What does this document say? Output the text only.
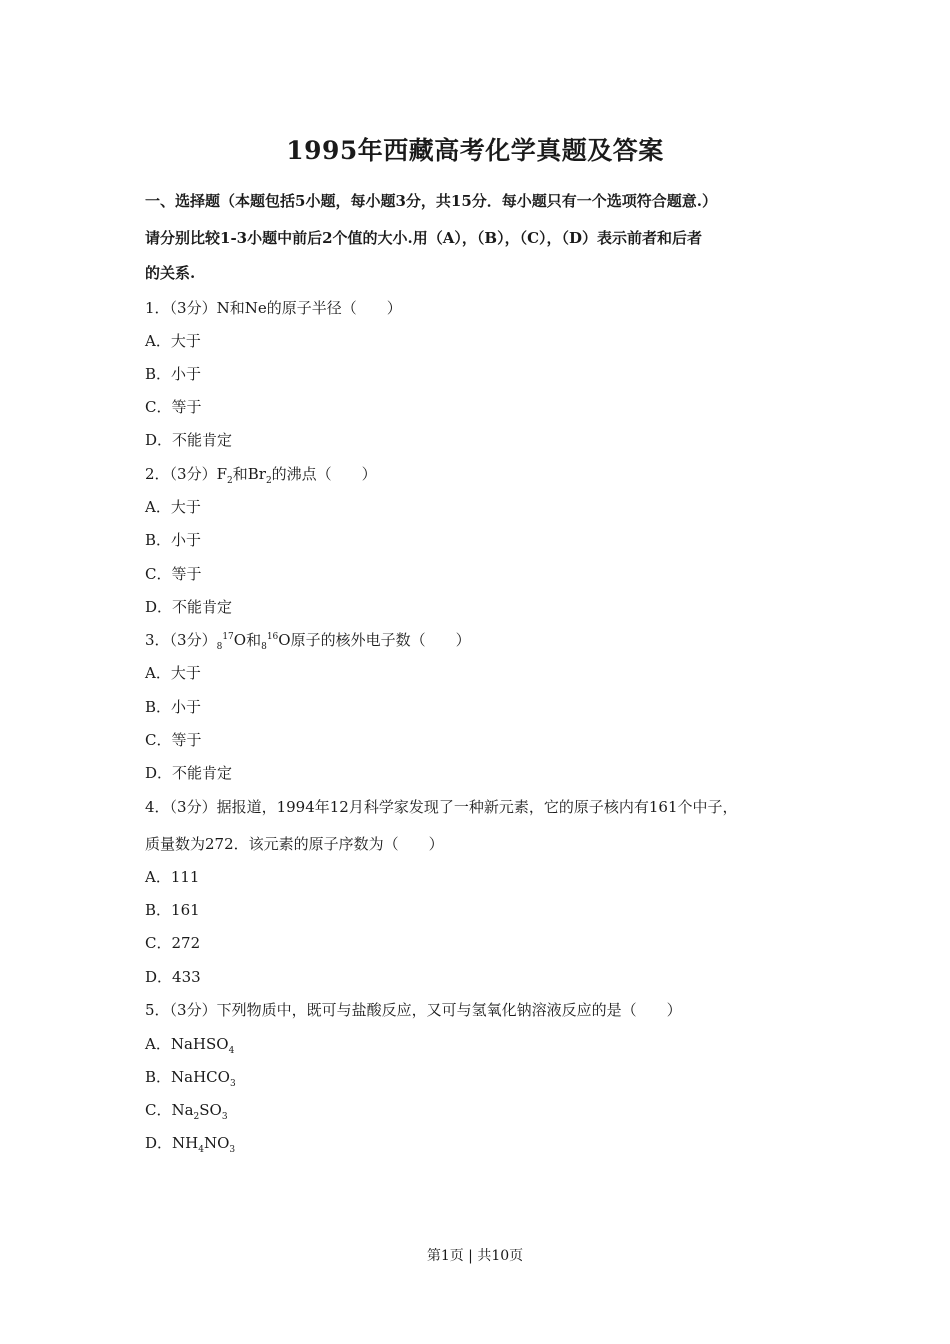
1995年西藏高考化学真题及答案
一、选择题（本题包括5小题，每小题3分，共15分．每小题只有一个选项符合题意.）
请分别比较1-3小题中前后2个值的大小.用（A），（B），（C），（D）表示前者和后者
的关系.
1．（3分）N和Ne的原子半径（　　）
A．大于
B．小于
C．等于
D．不能肯定
2．（3分）$F_2$和$Br_2$的沸点（　　）
A．大于
B．小于
C．等于
D．不能肯定
3．（3分）$_8^{17}O$和$_8^{16}$O原子的核外电子数（　　）
A．大于
B．小于
C．等于
D．不能肯定
4．（3分）据报道，1994年12月科学家发现了一种新元素，它的原子核内有161个中子，
质量数为272．该元素的原子序数为（　　）
A．111
B．161
C．272
D．433
5．（3分）下列物质中，既可与盐酸反应，又可与氢氧化钠溶液反应的是（　　）
A．NaHSO$_4$
B．NaHCO$_3$
C．$Na_2SO_3$
D．$NH_4NO_3$
第1页 | 共10页
